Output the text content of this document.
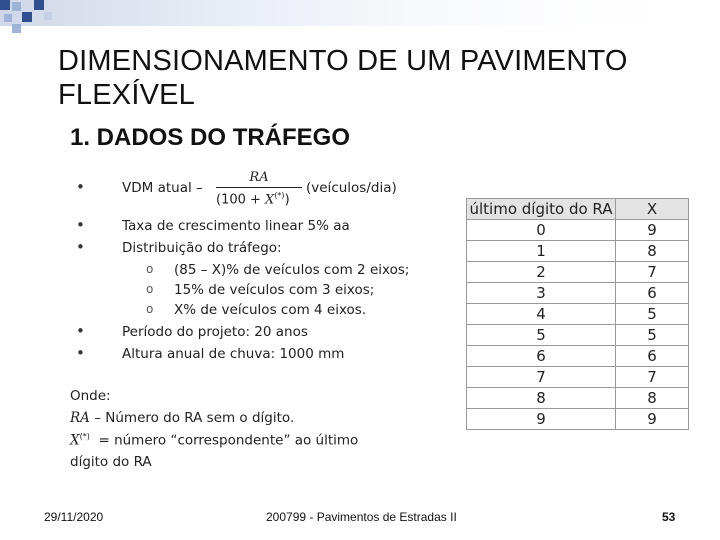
DIMENSIONAMENTO DE UM PAVIMENTO FLEXÍVEL
1. DADOS DO TRÁFEGO
•	VDM atual –
RA
(100 + X(*))
(veículos/dia)
•	Taxa de crescimento linear 5% aa
•	Distribuição do tráfego:
o (85 – X)% de veículos com 2 eixos;
o 15% de veículos com 3 eixos;
o X% de veículos com 4 eixos.
•	Período do projeto: 20 anos
•	Altura anual de chuva: 1000 mm
Onde:
RA – Número do RA sem o dígito.
X(*) = número “correspondente” ao último
dígito do RA
último dígito do RA	X
0	9
1	8
2	7
3	6
4	5
5	5
6	6
7	7
8	8
9	9
29/11/2020	200799 - Pavimentos de Estradas II	53
